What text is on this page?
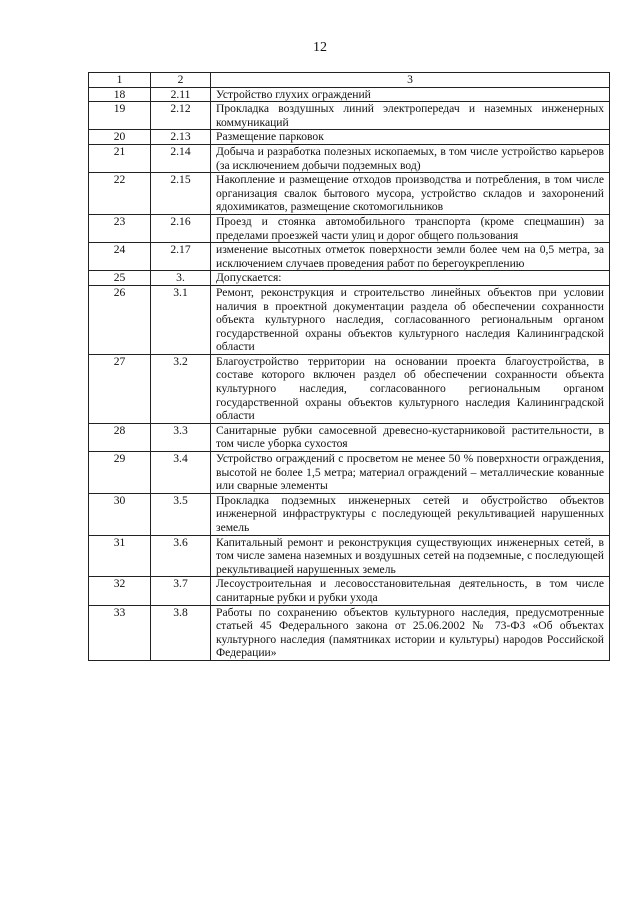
12
1	2	3
18	2.11	Устройство глухих ограждений
19	2.12	Прокладка воздушных линий электропередач и наземных инженерных коммуникаций
20	2.13	Размещение парковок
21	2.14	Добыча и разработка полезных ископаемых, в том числе устройство карьеров (за исключением добычи подземных вод)
22	2.15	Накопление и размещение отходов производства и потребления, в том числе организация свалок бытового мусора, устройство складов и захоронений ядохимикатов, размещение скотомогильников
23	2.16	Проезд и стоянка автомобильного транспорта (кроме спецмашин) за пределами проезжей части улиц и дорог общего пользования
24	2.17	изменение высотных отметок поверхности земли более чем на 0,5 метра, за исключением случаев проведения работ по берегоукреплению
25	3.	Допускается:
26	3.1	Ремонт, реконструкция и строительство линейных объектов при условии наличия в проектной документации раздела об обеспечении сохранности объекта культурного наследия, согласованного региональным органом государственной охраны объектов культурного наследия Калининградской области
27	3.2	Благоустройство территории на основании проекта благоустройства, в составе которого включен раздел об обеспечении сохранности объекта культурного наследия, согласованного региональным органом государственной охраны объектов культурного наследия Калининградской области
28	3.3	Санитарные рубки самосевной древесно-кустарниковой растительности, в том числе уборка сухостоя
29	3.4	Устройство ограждений с просветом не менее 50 % поверхности ограждения, высотой не более 1,5 метра; материал ограждений – металлические кованные или сварные элементы
30	3.5	Прокладка подземных инженерных сетей и обустройство объектов инженерной инфраструктуры с последующей рекультивацией нарушенных земель
31	3.6	Капитальный ремонт и реконструкция существующих инженерных сетей, в том числе замена наземных и воздушных сетей на подземные, с последующей рекультивацией нарушенных земель
32	3.7	Лесоустроительная и лесовосстановительная деятельность, в том числе санитарные рубки и рубки ухода
33	3.8	Работы по сохранению объектов культурного наследия, предусмотренные статьей 45 Федерального закона от 25.06.2002 № 73-ФЗ «Об объектах культурного наследия (памятниках истории и культуры) народов Российской Федерации»
